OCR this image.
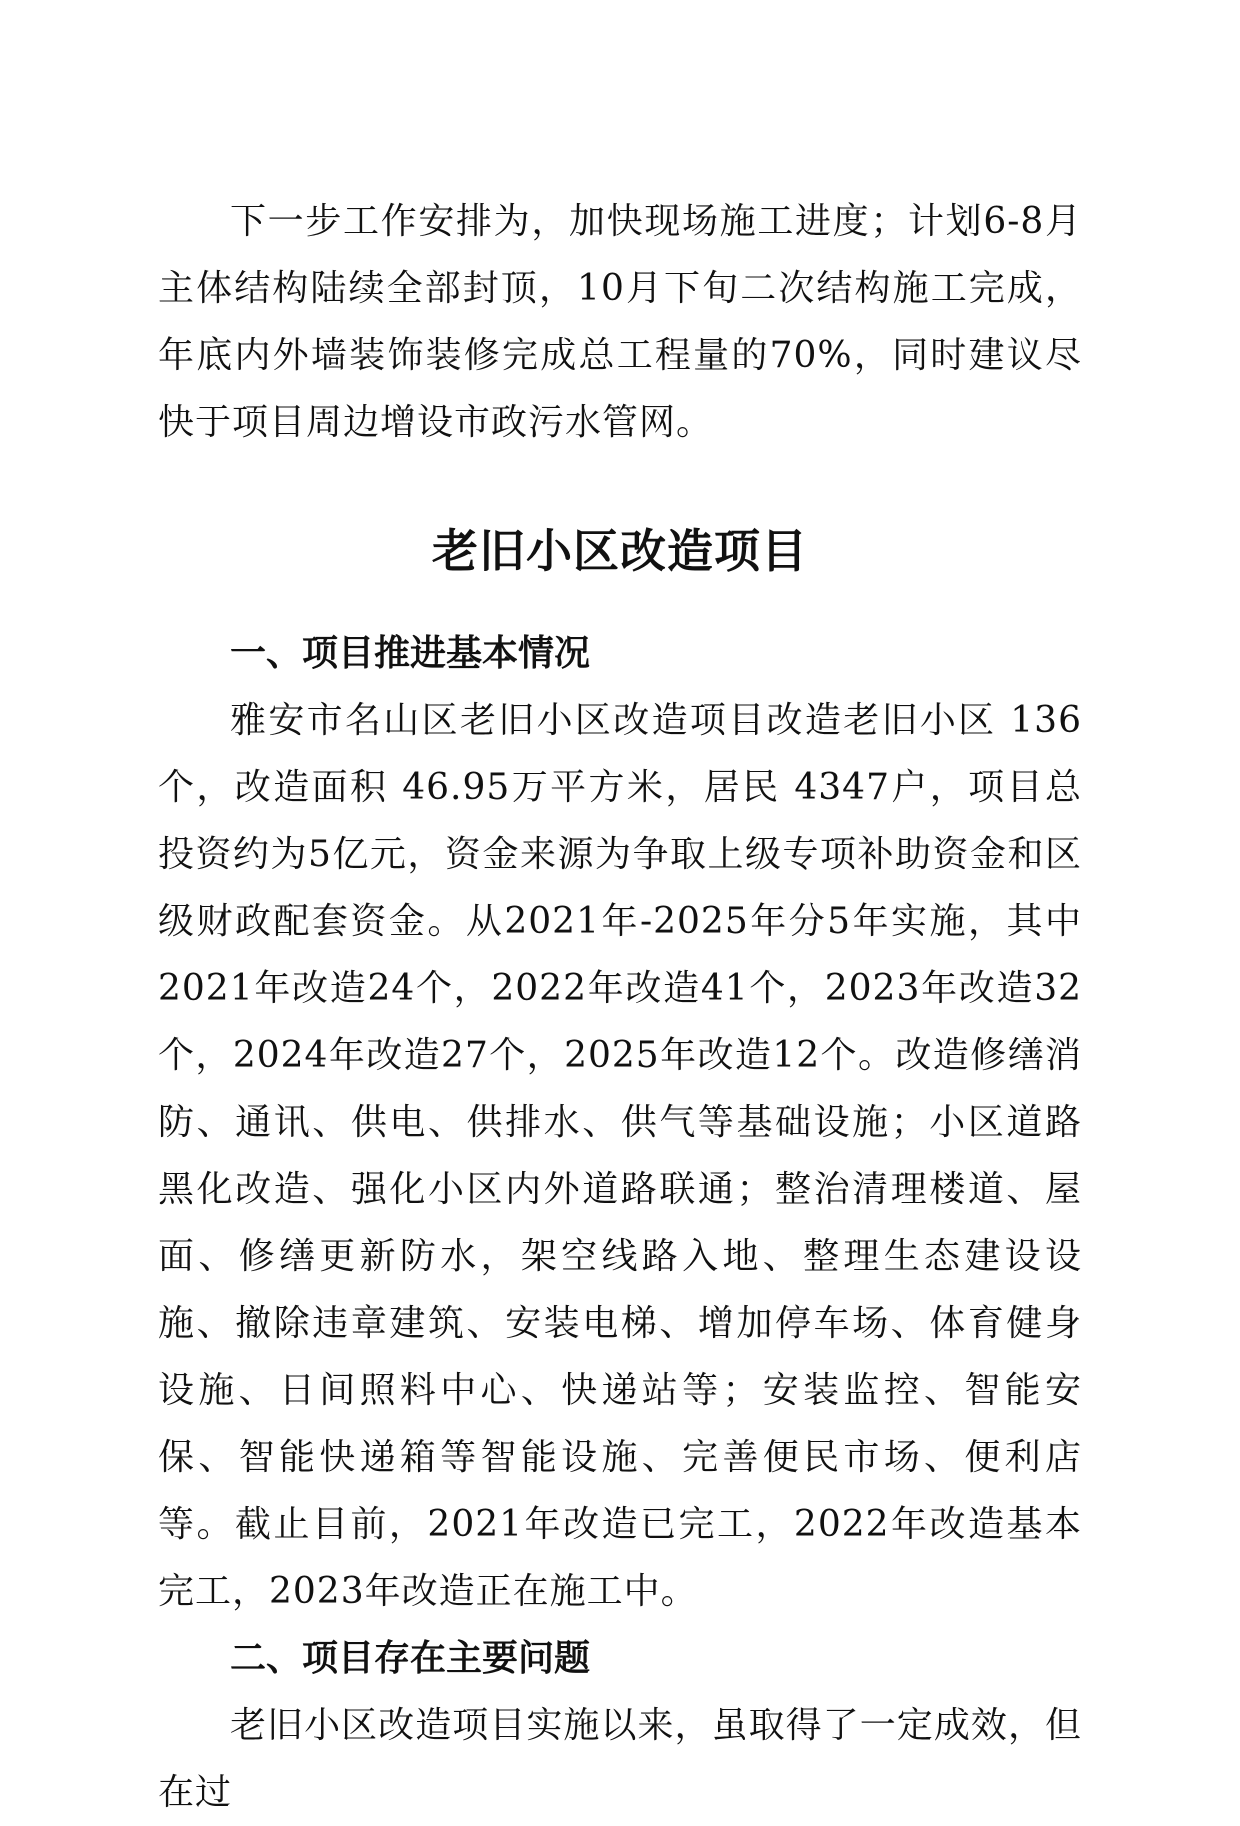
下一步工作安排为，加快现场施工进度；计划6-8月主体结构陆续全部封顶，10月下旬二次结构施工完成，年底内外墙装饰装修完成总工程量的70%，同时建议尽快于项目周边增设市政污水管网。

老旧小区改造项目
一、项目推进基本情况

雅安市名山区老旧小区改造项目改造老旧小区 136 个，改造面积 46.95万平方米，居民 4347户，项目总投资约为5亿元，资金来源为争取上级专项补助资金和区级财政配套资金。从2021年-2025年分5年实施，其中2021年改造24个，2022年改造41个，2023年改造32个，2024年改造27个，2025年改造12个。改造修缮消防、通讯、供电、供排水、供气等基础设施；小区道路黑化改造、强化小区内外道路联通；整治清理楼道、屋面、修缮更新防水，架空线路入地、整理生态建设设施、撤除违章建筑、安装电梯、增加停车场、体育健身设施、日间照料中心、快递站等；安装监控、智能安保、智能快递箱等智能设施、完善便民市场、便利店等。截止目前，2021年改造已完工，2022年改造基本完工，2023年改造正在施工中。

二、项目存在主要问题

老旧小区改造项目实施以来，虽取得了一定成效，但在过
